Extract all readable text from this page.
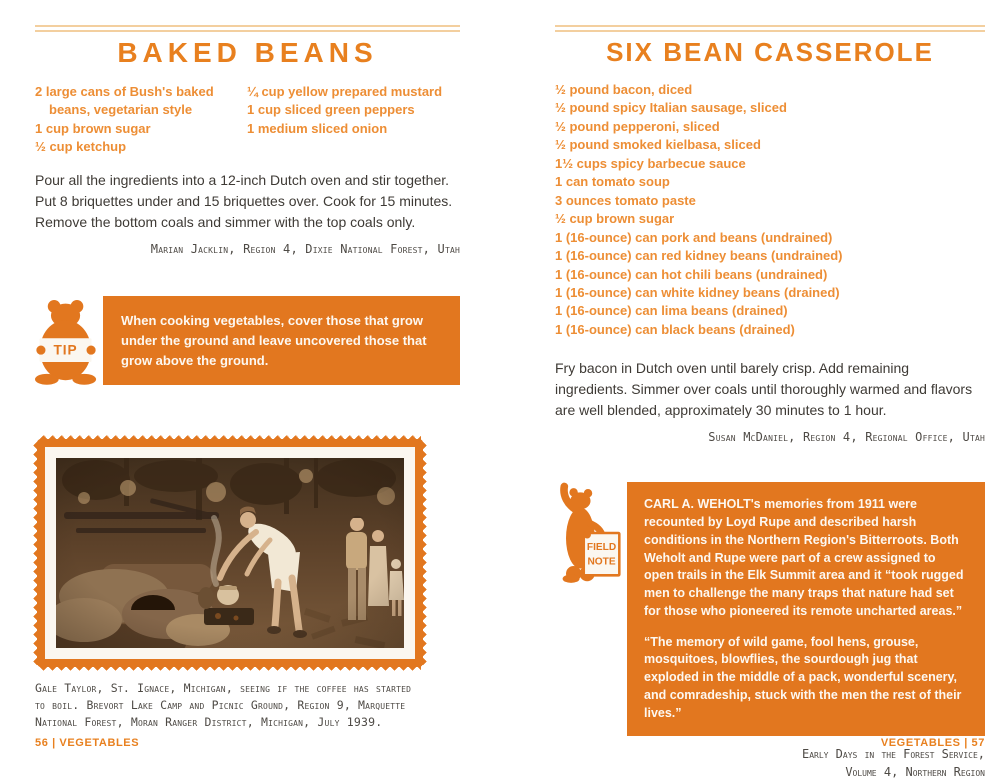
BAKED BEANS
2 large cans of Bush's baked beans, vegetarian style
1 cup brown sugar
½ cup ketchup
¼ cup yellow prepared mustard
1 cup sliced green peppers
1 medium sliced onion

Pour all the ingredients into a 12-inch Dutch oven and stir together. Put 8 briquettes under and 15 briquettes over. Cook for 15 minutes. Remove the bottom coals and simmer with the top coals only.

Marian Jacklin, Region 4, Dixie National Forest, Utah
TIP
When cooking vegetables, cover those that grow under the ground and leave uncovered those that grow above the ground.
Gale Taylor, St. Ignace, Michigan, seeing if the coffee has started to boil. Brevort Lake Camp and Picnic Ground, Region 9, Marquette National Forest, Moran Ranger District, Michigan, July 1939.
SIX BEAN CASSEROLE
½ pound bacon, diced
½ pound spicy Italian sausage, sliced
½ pound pepperoni, sliced
½ pound smoked kielbasa, sliced
1½ cups spicy barbecue sauce
1 can tomato soup
3 ounces tomato paste
½ cup brown sugar
1 (16-ounce) can pork and beans (undrained)
1 (16-ounce) can red kidney beans (undrained)
1 (16-ounce) can hot chili beans (undrained)
1 (16-ounce) can white kidney beans (drained)
1 (16-ounce) can lima beans (drained)
1 (16-ounce) can black beans (drained)

Fry bacon in Dutch oven until barely crisp. Add remaining ingredients. Simmer over coals until thoroughly warmed and flavors are well blended, approximately 30 minutes to 1 hour.

Susan McDaniel, Region 4, Regional Office, Utah
FIELD
NOTE

CARL A. WEHOLT's memories from 1911 were recounted by Loyd Rupe and described harsh conditions in the Northern Region's Bitterroots. Both Weholt and Rupe were part of a crew assigned to open trails in the Elk Summit area and it “took rugged men to challenge the many traps that nature had set for those who pioneered its remote uncharted areas.”

“The memory of wild game, fool hens, grouse, mosquitoes, blowflies, the sourdough jug that exploded in the middle of a pack, wonderful scenery, and comradeship, stuck with the men the rest of their lives.”

Early Days in the Forest Service,
Volume 4, Northern Region
56 | VEGETABLES	VEGETABLES | 57
